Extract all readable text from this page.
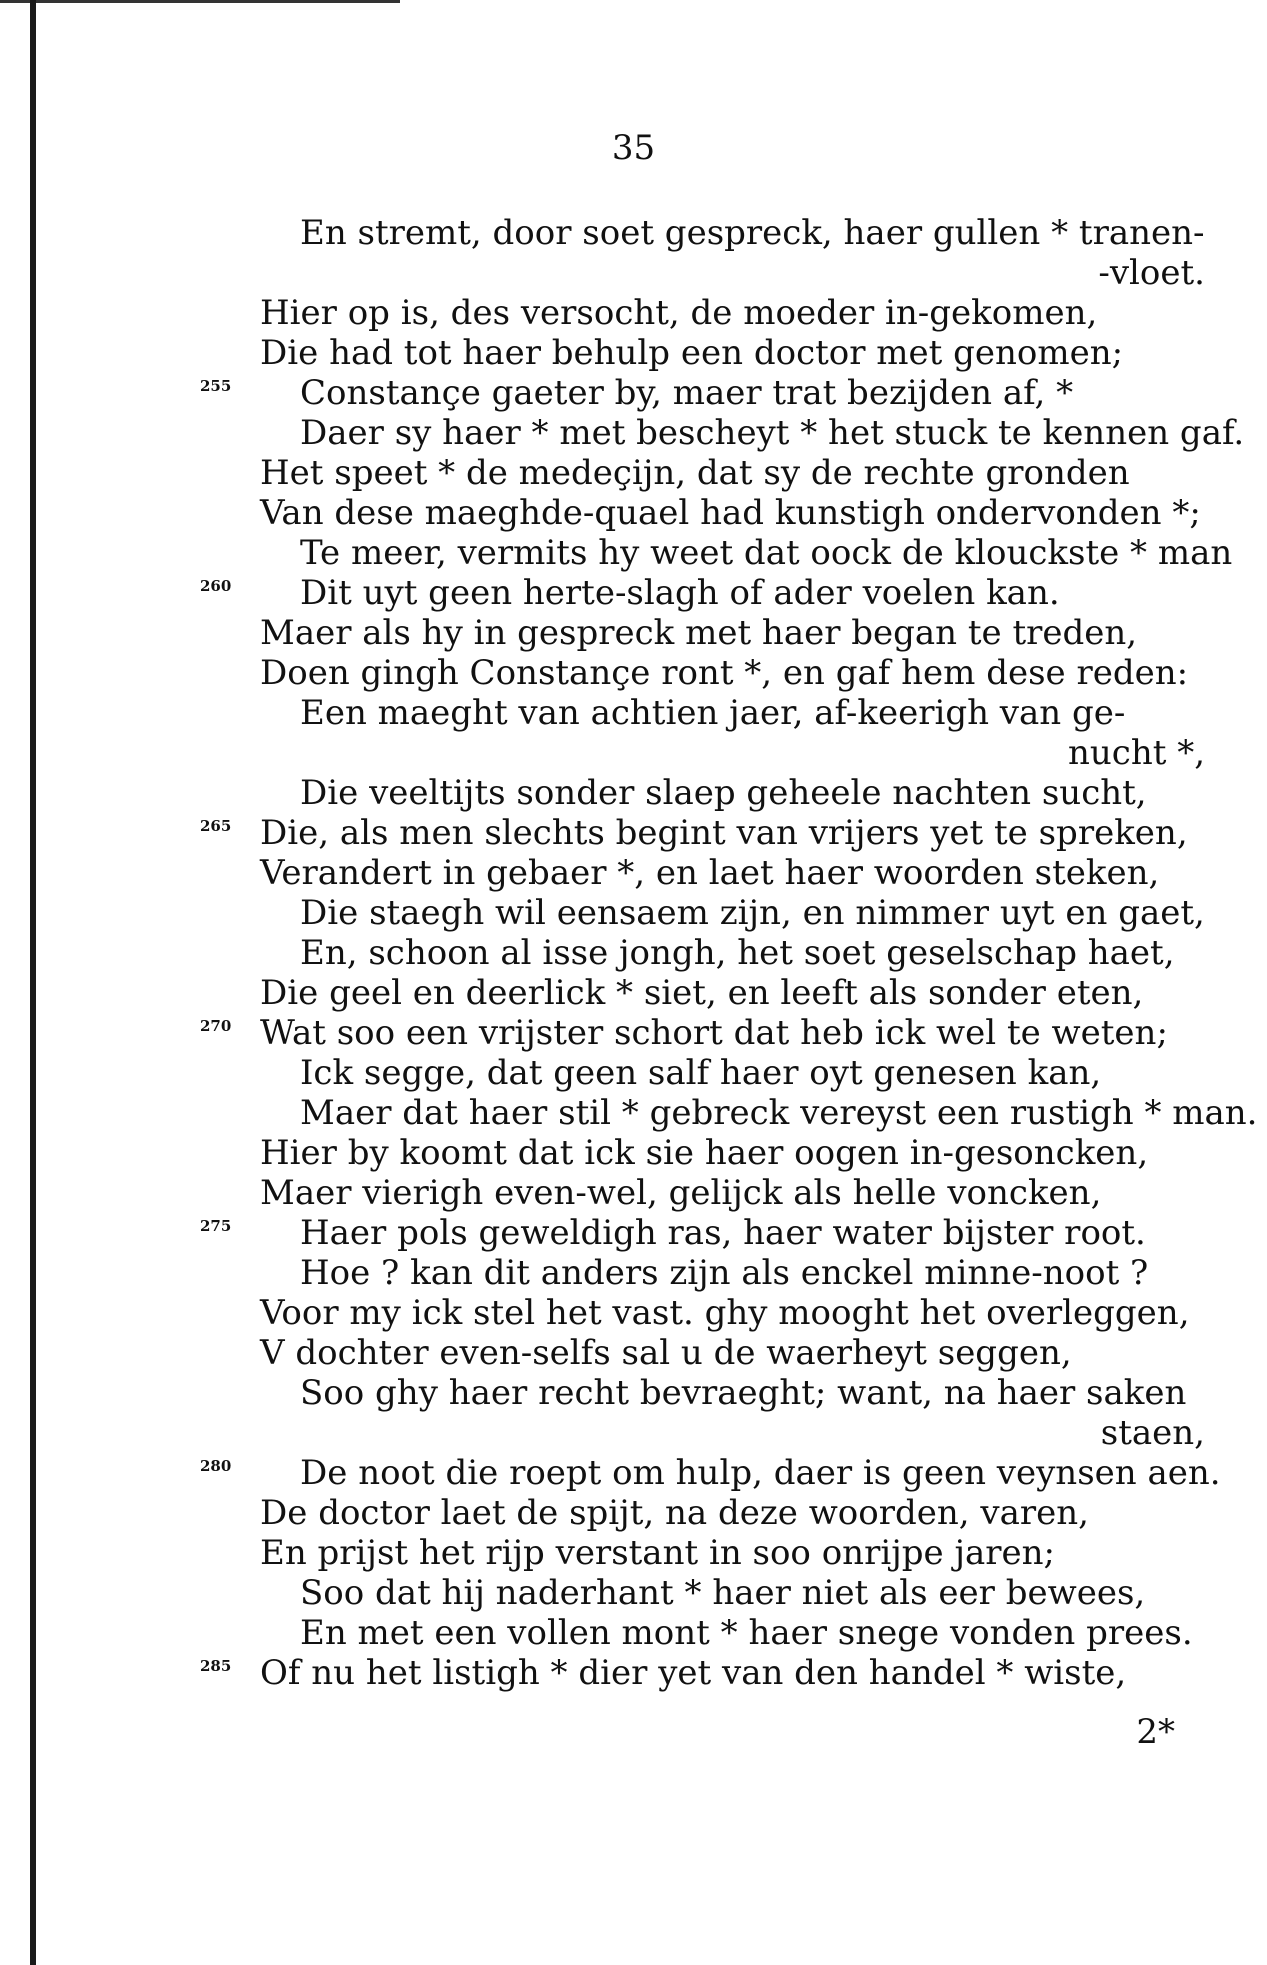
35
En stremt, door soet gespreck, haer gullen * tranen-
-vloet.
Hier op is, des versocht, de moeder in-gekomen,
Die had tot haer behulp een doctor met genomen;
255 Constançe gaeter by, maer trat bezijden af, *
Daer sy haer * met bescheyt * het stuck te kennen gaf.
Het speet * de medeçijn, dat sy de rechte gronden
Van dese maeghde-quael had kunstigh ondervonden *;
Te meer, vermits hy weet dat oock de klouckste * man
260 Dit uyt geen herte-slagh of ader voelen kan.
Maer als hy in gespreck met haer began te treden,
Doen gingh Constançe ront *, en gaf hem dese reden:
Een maeght van achtien jaer, af-keerigh van ge-
nucht *,
Die veeltijts sonder slaep geheele nachten sucht,
265 Die, als men slechts begint van vrijers yet te spreken,
Verandert in gebaer *, en laet haer woorden steken,
Die staegh wil eensaem zijn, en nimmer uyt en gaet,
En, schoon al isse jongh, het soet geselschap haet,
Die geel en deerlick * siet, en leeft als sonder eten,
270 Wat soo een vrijster schort dat heb ick wel te weten;
Ick segge, dat geen salf haer oyt genesen kan,
Maer dat haer stil * gebreck vereyst een rustigh * man.
Hier by koomt dat ick sie haer oogen in-gesoncken,
Maer vierigh even-wel, gelijck als helle voncken,
275 Haer pols geweldigh ras, haer water bijster root.
Hoe ? kan dit anders zijn als enckel minne-noot ?
Voor my ick stel het vast. ghy mooght het overleggen,
V dochter even-selfs sal u de waerheyt seggen,
Soo ghy haer recht bevraeght; want, na haer saken
staen,
280 De noot die roept om hulp, daer is geen veynsen aen.
De doctor laet de spijt, na deze woorden, varen,
En prijst het rijp verstant in soo onrijpe jaren;
Soo dat hij naderhant * haer niet als eer bewees,
En met een vollen mont * haer snege vonden prees.
285 Of nu het listigh * dier yet van den handel * wiste,
2*
